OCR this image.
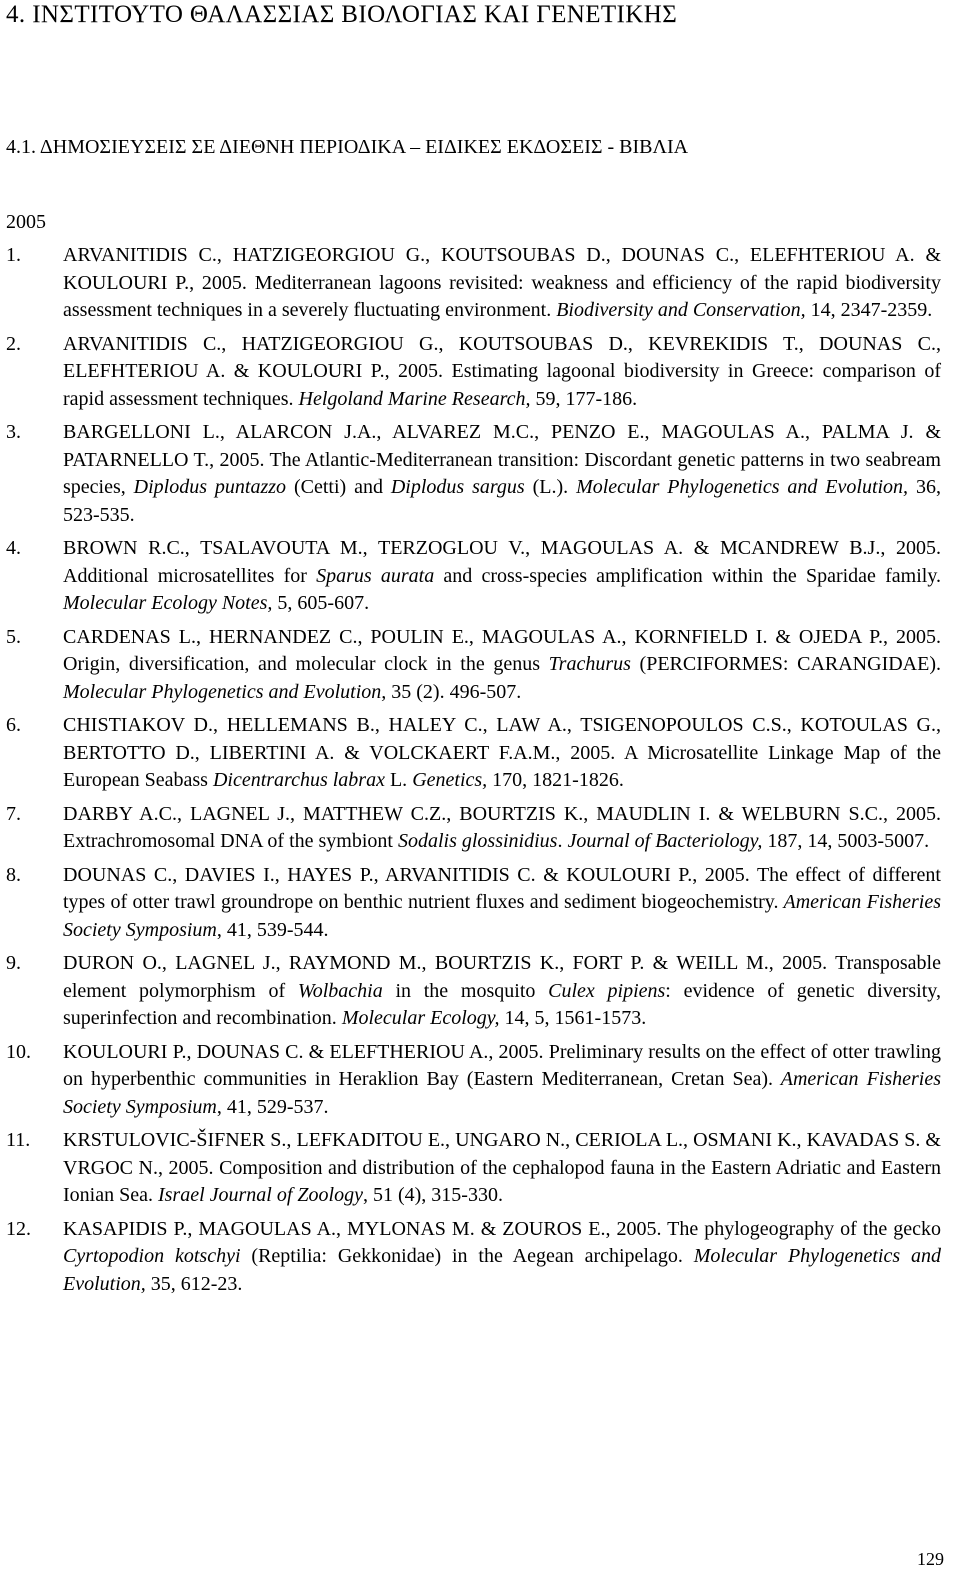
4. ΙΝΣΤΙΤΟΥΤΟ ΘΑΛΑΣΣΙΑΣ ΒΙΟΛΟΓΙΑΣ ΚΑΙ ΓΕΝΕΤΙΚΗΣ
4.1. ΔΗΜΟΣΙΕΥΣΕΙΣ ΣΕ ΔΙΕΘΝΗ ΠΕΡΙΟΔΙΚΑ – ΕΙΔΙΚΕΣ ΕΚΔΟΣΕΙΣ - ΒΙΒΛΙΑ
2005
1. ARVANITIDIS C., HATZIGEORGIOU G., KOUTSOUBAS D., DOUNAS C., ELEFHTERIOU A. & KOULOURI P., 2005. Mediterranean lagoons revisited: weakness and efficiency of the rapid biodiversity assessment techniques in a severely fluctuating environment. Biodiversity and Conservation, 14, 2347-2359.
2. ARVANITIDIS C., HATZIGEORGIOU G., KOUTSOUBAS D., KEVREKIDIS T., DOUNAS C., ELEFHTERIOU A. & KOULOURI P., 2005. Estimating lagoonal biodiversity in Greece: comparison of rapid assessment techniques. Helgoland Marine Research, 59, 177-186.
3. BARGELLONI L., ALARCON J.A., ALVAREZ M.C., PENZO E., MAGOULAS A., PALMA J. & PATARNELLO T., 2005. The Atlantic-Mediterranean transition: Discordant genetic patterns in two seabream species, Diplodus puntazzo (Cetti) and Diplodus sargus (L.). Molecular Phylogenetics and Evolution, 36, 523-535.
4. BROWN R.C., TSALAVOUTA M., TERZOGLOU V., MAGOULAS A. & MCANDREW B.J., 2005. Additional microsatellites for Sparus aurata and cross-species amplification within the Sparidae family. Molecular Ecology Notes, 5, 605-607.
5. CARDENAS L., HERNANDEZ C., POULIN E., MAGOULAS A., KORNFIELD I. & OJEDA P., 2005. Origin, diversification, and molecular clock in the genus Trachurus (PERCIFORMES: CARANGIDAE). Molecular Phylogenetics and Evolution, 35 (2). 496-507.
6. CHISTIAKOV D., HELLEMANS B., HALEY C., LAW A., TSIGENOPOULOS C.S., KOTOULAS G., BERTOTTO D., LIBERTINI A. & VOLCKAERT F.A.M., 2005. A Microsatellite Linkage Map of the European Seabass Dicentrarchus labrax L. Genetics, 170, 1821-1826.
7. DARBY A.C., LAGNEL J., MATTHEW C.Z., BOURTZIS K., MAUDLIN I. & WELBURN S.C., 2005. Extrachromosomal DNA of the symbiont Sodalis glossinidius. Journal of Bacteriology, 187, 14, 5003-5007.
8. DOUNAS C., DAVIES I., HAYES P., ARVANITIDIS C. & KOULOURI P., 2005. The effect of different types of otter trawl groundrope on benthic nutrient fluxes and sediment biogeochemistry. American Fisheries Society Symposium, 41, 539-544.
9. DURON O., LAGNEL J., RAYMOND M., BOURTZIS K., FORT P. & WEILL M., 2005. Transposable element polymorphism of Wolbachia in the mosquito Culex pipiens: evidence of genetic diversity, superinfection and recombination. Molecular Ecology, 14, 5, 1561-1573.
10. KOULOURI P., DOUNAS C. & ELEFTHERIOU A., 2005. Preliminary results on the effect of otter trawling on hyperbenthic communities in Heraklion Bay (Eastern Mediterranean, Cretan Sea). American Fisheries Society Symposium, 41, 529-537.
11. KRSTULOVIC-ŠIFNER S., LEFKADITOU E., UNGARO N., CERIOLA L., OSMANI K., KAVADAS S. & VRGOC N., 2005. Composition and distribution of the cephalopod fauna in the Eastern Adriatic and Eastern Ionian Sea. Israel Journal of Zoology, 51 (4), 315-330.
12. KASAPIDIS P., MAGOULAS A., MYLONAS M. & ZOUROS E., 2005. The phylogeography of the gecko Cyrtopodion kotschyi (Reptilia: Gekkonidae) in the Aegean archipelago. Molecular Phylogenetics and Evolution, 35, 612-23.
129
